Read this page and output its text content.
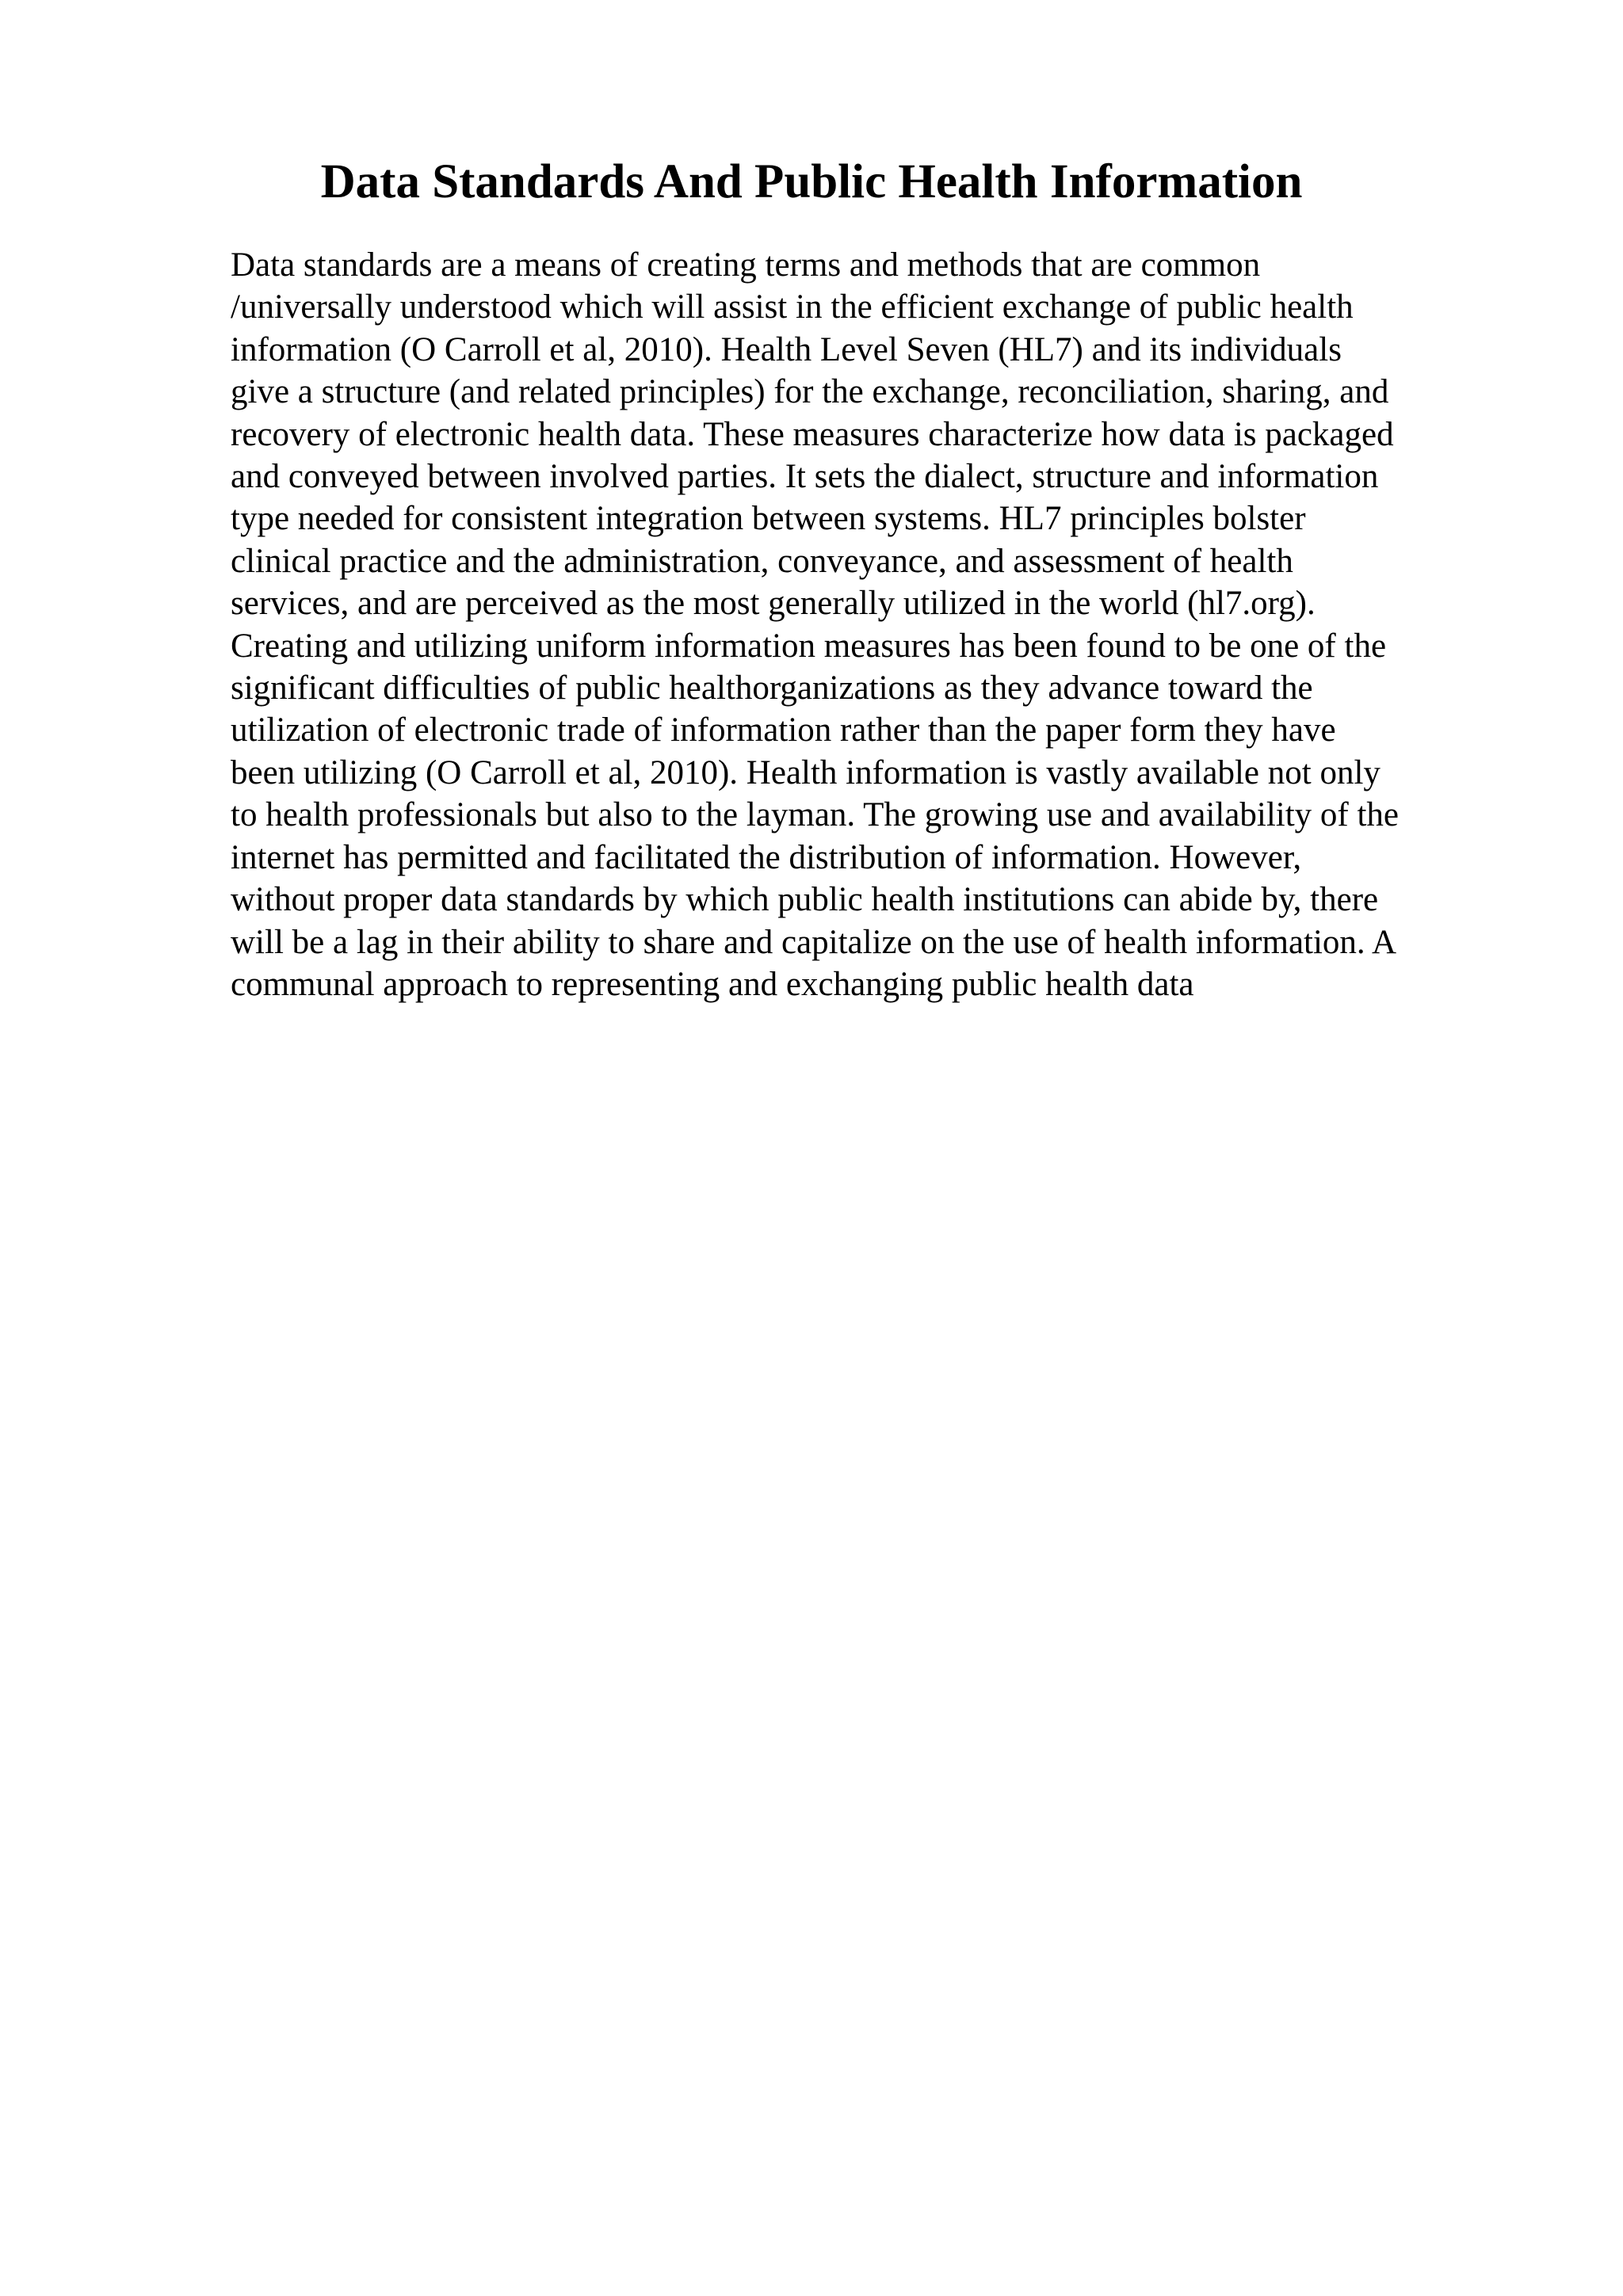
Data Standards And Public Health Information
Data standards are a means of creating terms and methods that are common
/universally understood which will assist in the efficient exchange of public health
information (O Carroll et al, 2010). Health Level Seven (HL7) and its individuals
give a structure (and related principles) for the exchange, reconciliation, sharing, and
recovery of electronic health data. These measures characterize how data is packaged
and conveyed between involved parties. It sets the dialect, structure and information
type needed for consistent integration between systems. HL7 principles bolster
clinical practice and the administration, conveyance, and assessment of health
services, and are perceived as the most generally utilized in the world (hl7.org).
Creating and utilizing uniform information measures has been found to be one of the
significant difficulties of public healthorganizations as they advance toward the
utilization of electronic trade of information rather than the paper form they have
been utilizing (O Carroll et al, 2010). Health information is vastly available not only
to health professionals but also to the layman. The growing use and availability of the
internet has permitted and facilitated the distribution of information. However,
without proper data standards by which public health institutions can abide by, there
will be a lag in their ability to share and capitalize on the use of health information. A
communal approach to representing and exchanging public health data
